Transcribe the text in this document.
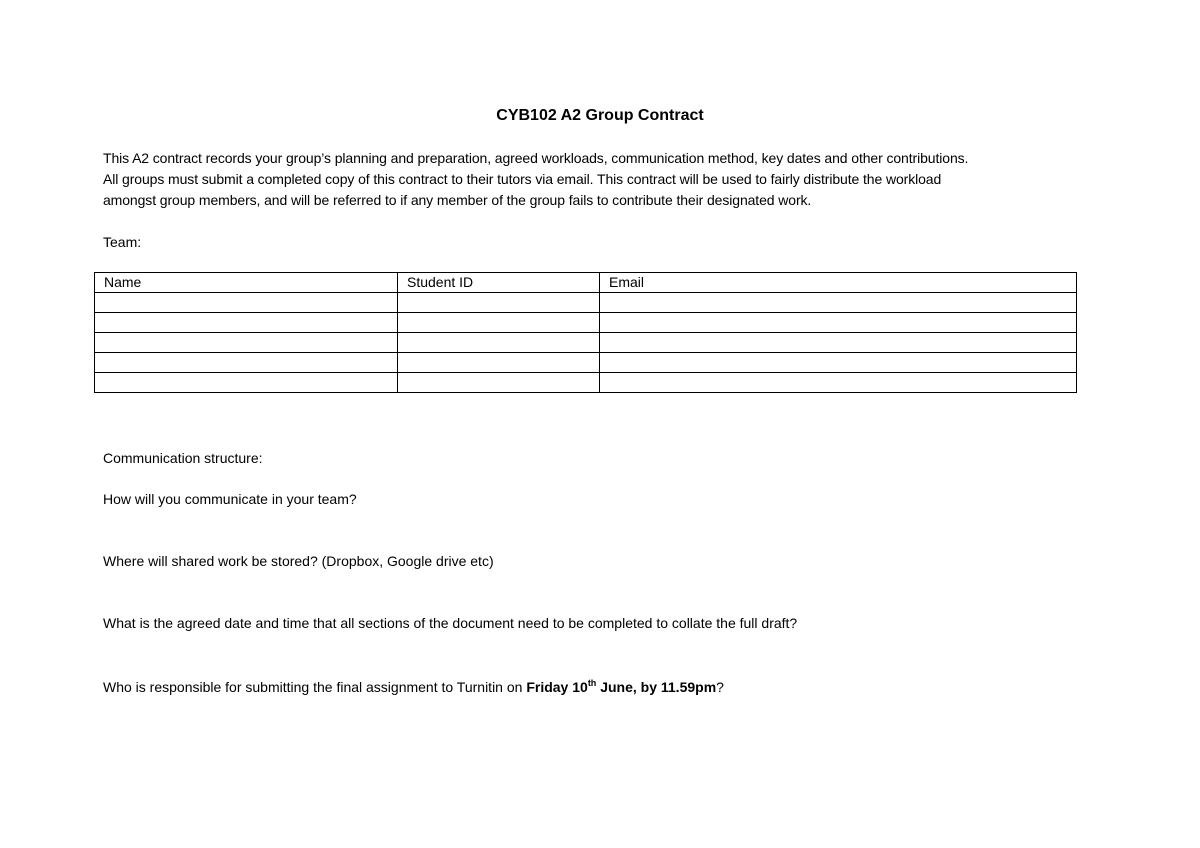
CYB102 A2 Group Contract
This A2 contract records your group’s planning and preparation, agreed workloads, communication method, key dates and other contributions.
All groups must submit a completed copy of this contract to their tutors via email. This contract will be used to fairly distribute the workload
amongst group members, and will be referred to if any member of the group fails to contribute their designated work.
Team:
Name	Student ID	Email

Communication structure:
How will you communicate in your team?
Where will shared work be stored? (Dropbox, Google drive etc)
What is the agreed date and time that all sections of the document need to be completed to collate the full draft?
Who is responsible for submitting the final assignment to Turnitin on Friday 10th June, by 11.59pm?
